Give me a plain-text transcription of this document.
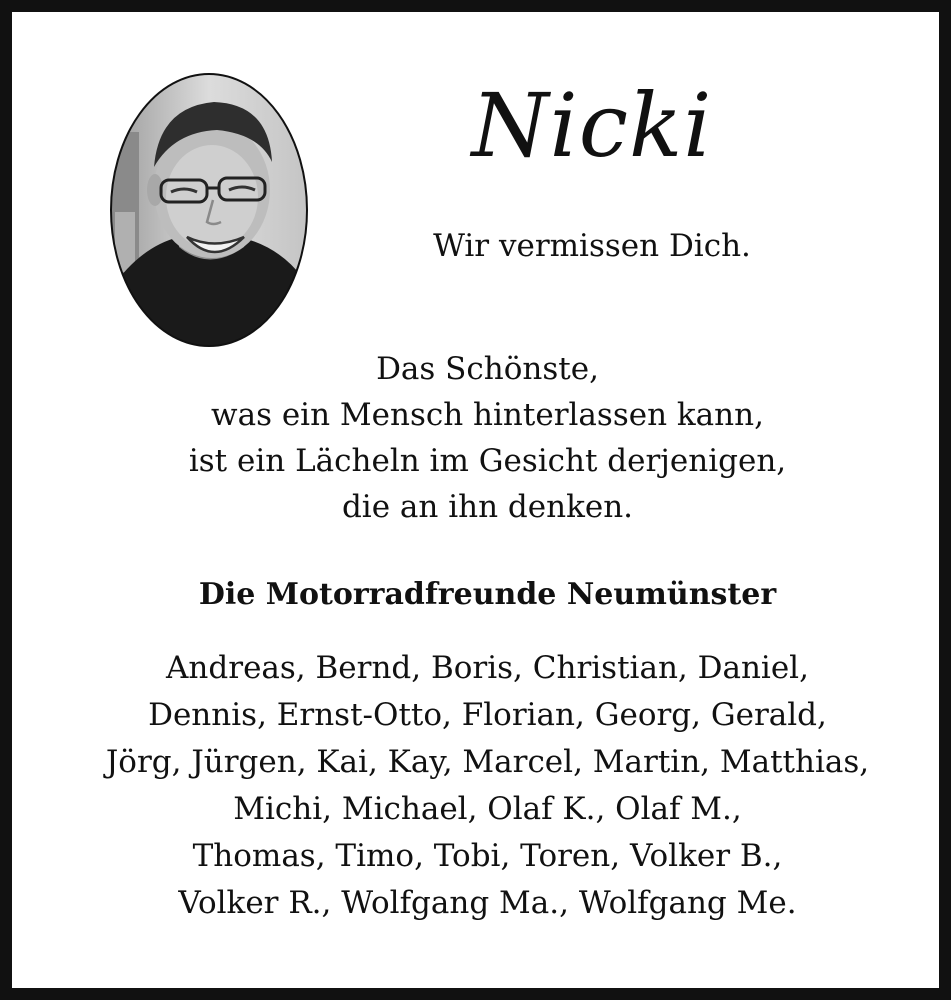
Nicki

Wir vermissen Dich.

Das Schönste,
was ein Mensch hinterlassen kann,
ist ein Lächeln im Gesicht derjenigen,
die an ihn denken.

Die Motorradfreunde Neumünster

Andreas, Bernd, Boris, Christian, Daniel,
Dennis, Ernst-Otto, Florian, Georg, Gerald,
Jörg, Jürgen, Kai, Kay, Marcel, Martin, Matthias,
Michi, Michael, Olaf K., Olaf M.,
Thomas, Timo, Tobi, Toren, Volker B.,
Volker R., Wolfgang Ma., Wolfgang Me.
